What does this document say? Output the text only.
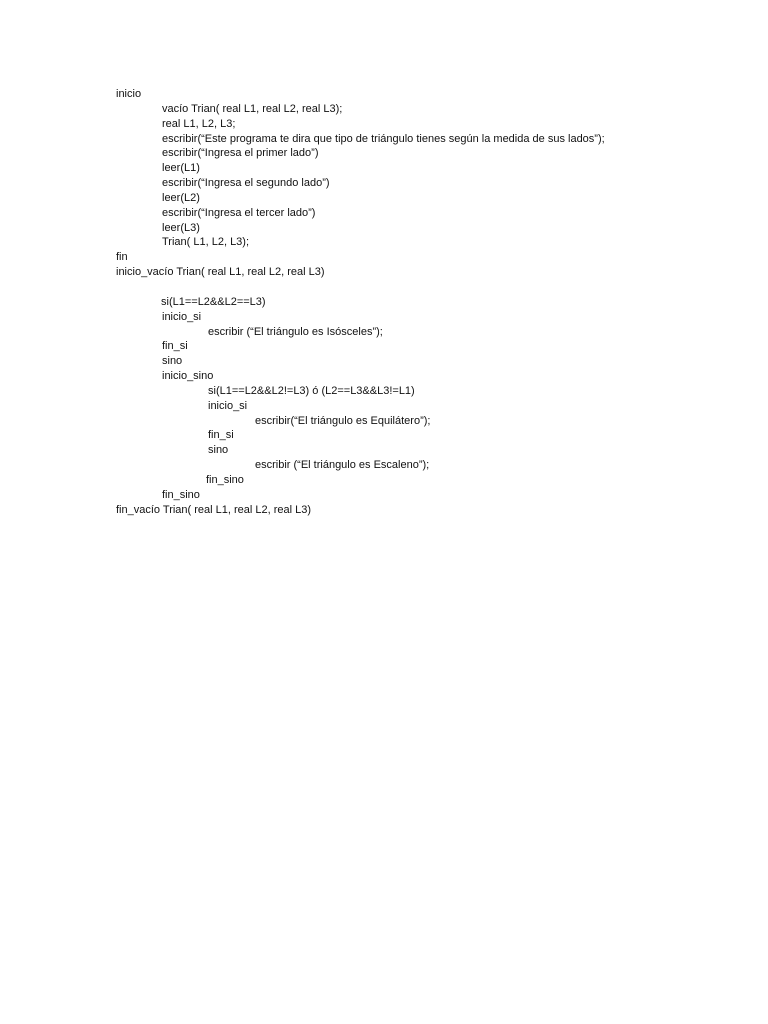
inicio
vacío Trian( real L1, real L2, real L3);
real L1, L2, L3;
escribir(“Este programa te dira que tipo de triángulo tienes según la medida de sus lados”);
escribir(“Ingresa el primer lado”)
leer(L1)
escribir(“Ingresa el segundo lado”)
leer(L2)
escribir(“Ingresa el tercer lado”)
leer(L3)
Trian( L1, L2, L3);
fin
inicio_vacío Trian( real L1, real L2, real L3)
si(L1==L2&&L2==L3)
inicio_si
escribir (“El triángulo es Isósceles”);
fin_si
sino
inicio_sino
si(L1==L2&&L2!=L3) ó (L2==L3&&L3!=L1)
inicio_si
escribir(“El triángulo es Equilátero”);
fin_si
sino
escribir (“El triángulo es Escaleno”);
fin_sino
fin_sino
fin_vacío Trian( real L1, real L2, real L3)
